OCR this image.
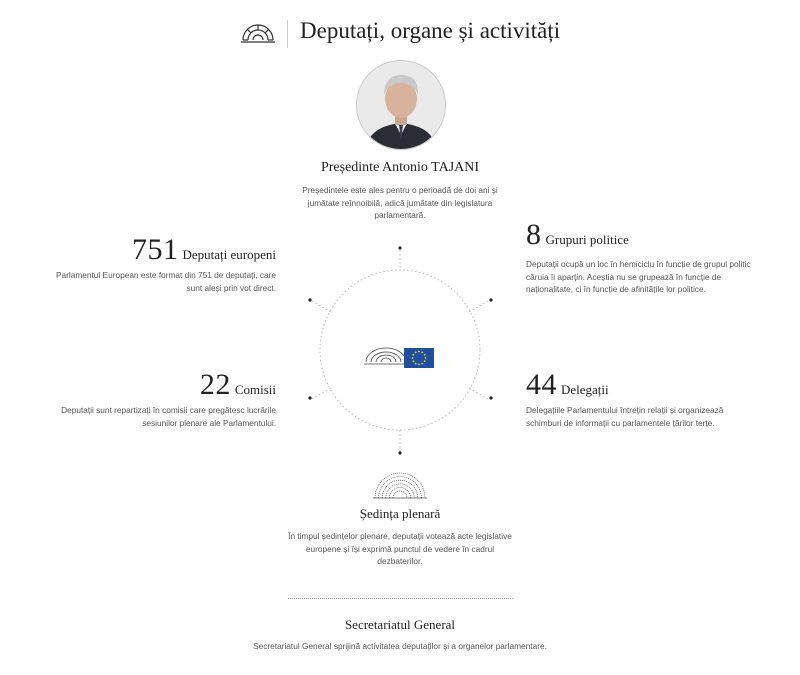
Deputați, organe și activități
Președinte Antonio TAJANI
Președintele este ales pentru o perioadă de doi ani și jumătate reînnoibilă, adică jumătate din legislatura parlamentară.
751 Deputați europeni
Parlamentul European este format din 751 de deputați, care sunt aleși prin vot direct.
8 Grupuri politice
Deputații ocupă un loc în hemiciclu în funcție de grupul politic căruia îi aparțin. Aceștia nu se grupează în funcție de naționalitate, ci în funcție de afinitățile lor politice.
22 Comisii
Deputații sunt repartizați în comisii care pregătesc lucrările sesiunilor plenare ale Parlamentului.
44 Delegații
Delegațiile Parlamentului întrețin relații și organizează schimburi de informații cu parlamentele țărilor terțe.
Ședința plenară
În timpul ședințelor plenare, deputații votează acte legislative europene și își exprimă punctul de vedere în cadrul dezbaterilor.
Secretariatul General
Secretariatul General sprijină activitatea deputaților și a organelor parlamentare.
